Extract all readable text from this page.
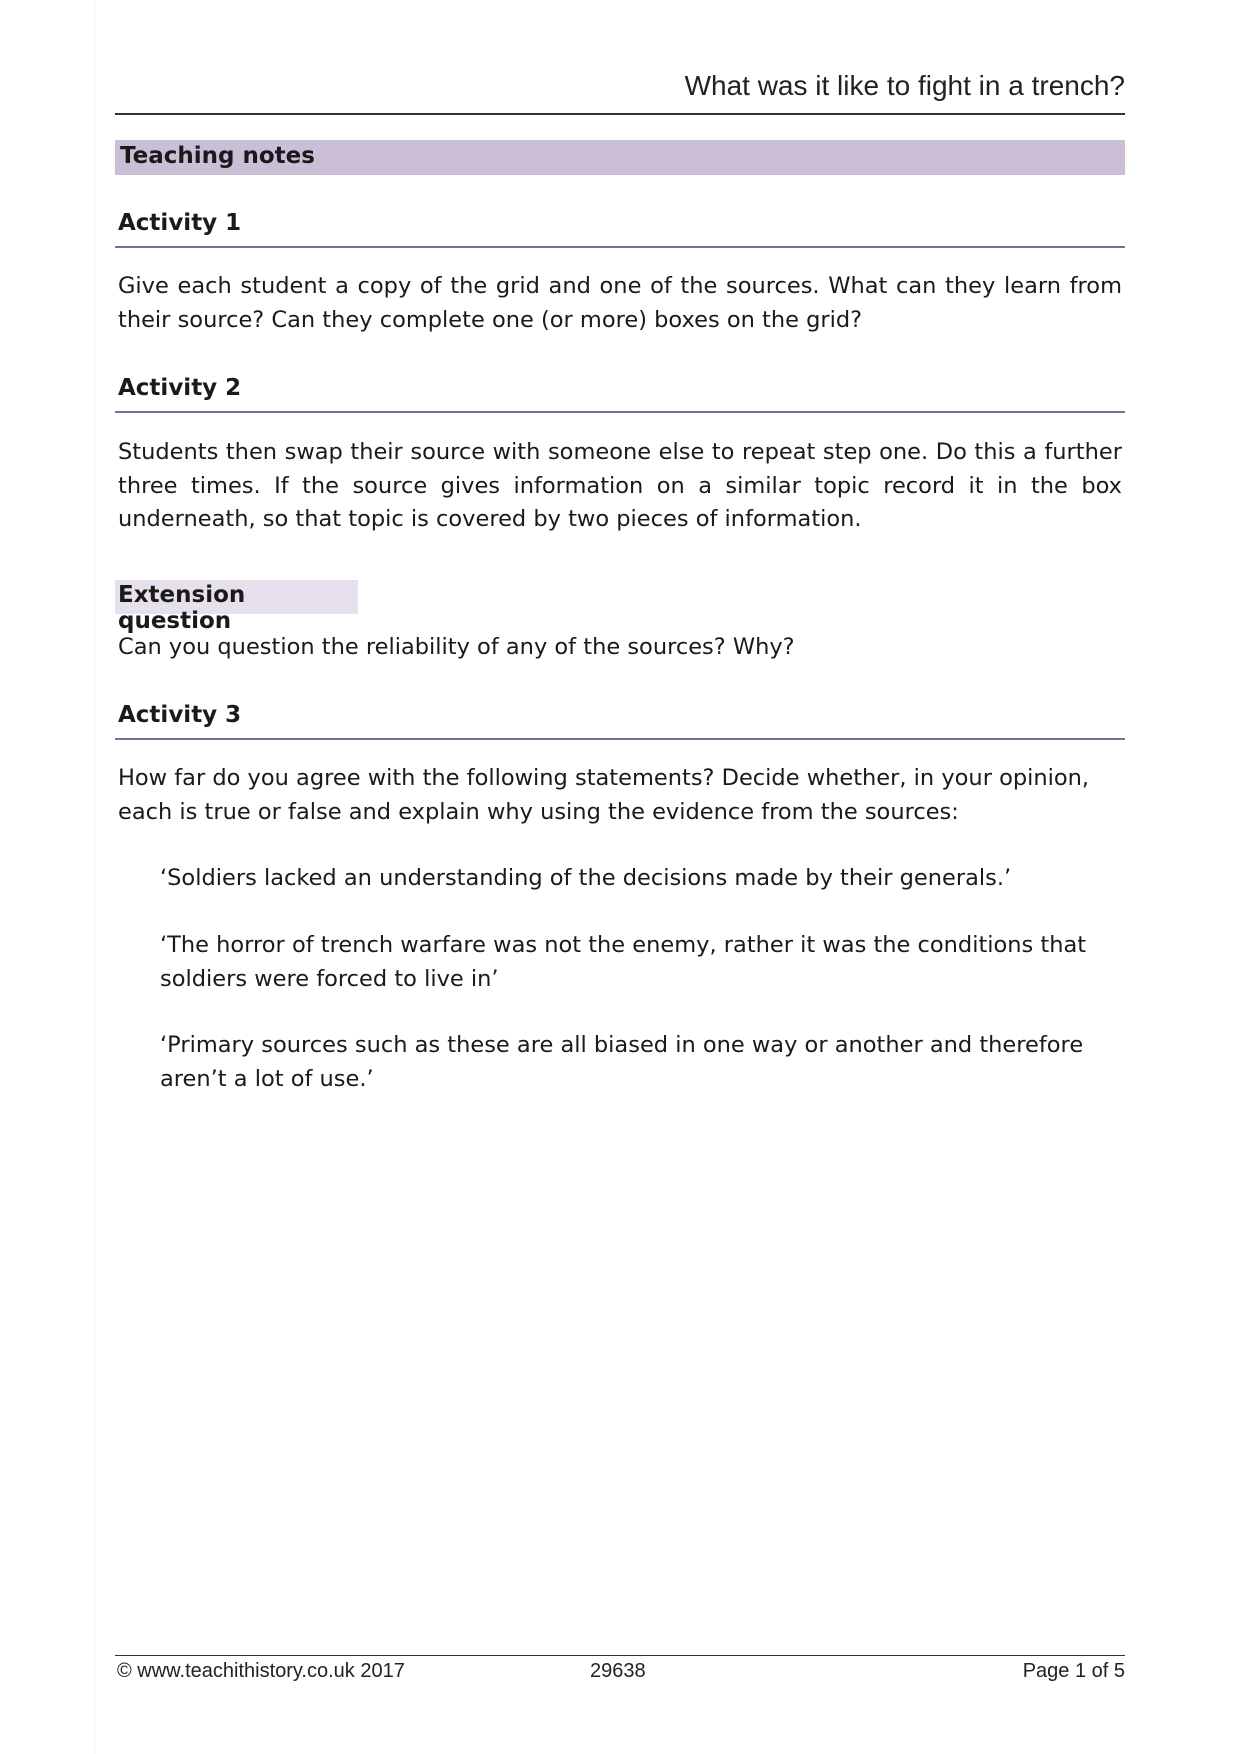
What was it like to fight in a trench?
Teaching notes
Activity 1
Give each student a copy of the grid and one of the sources. What can they learn from their source? Can they complete one (or more) boxes on the grid?
Activity 2
Students then swap their source with someone else to repeat step one. Do this a further three times. If the source gives information on a similar topic record it in the box underneath, so that topic is covered by two pieces of information.
Extension question
Can you question the reliability of any of the sources? Why?
Activity 3
How far do you agree with the following statements? Decide whether, in your opinion, each is true or false and explain why using the evidence from the sources:
‘Soldiers lacked an understanding of the decisions made by their generals.’
‘The horror of trench warfare was not the enemy, rather it was the conditions that soldiers were forced to live in’
‘Primary sources such as these are all biased in one way or another and therefore aren’t a lot of use.’
© www.teachithistory.co.uk 2017	29638	Page 1 of 5
